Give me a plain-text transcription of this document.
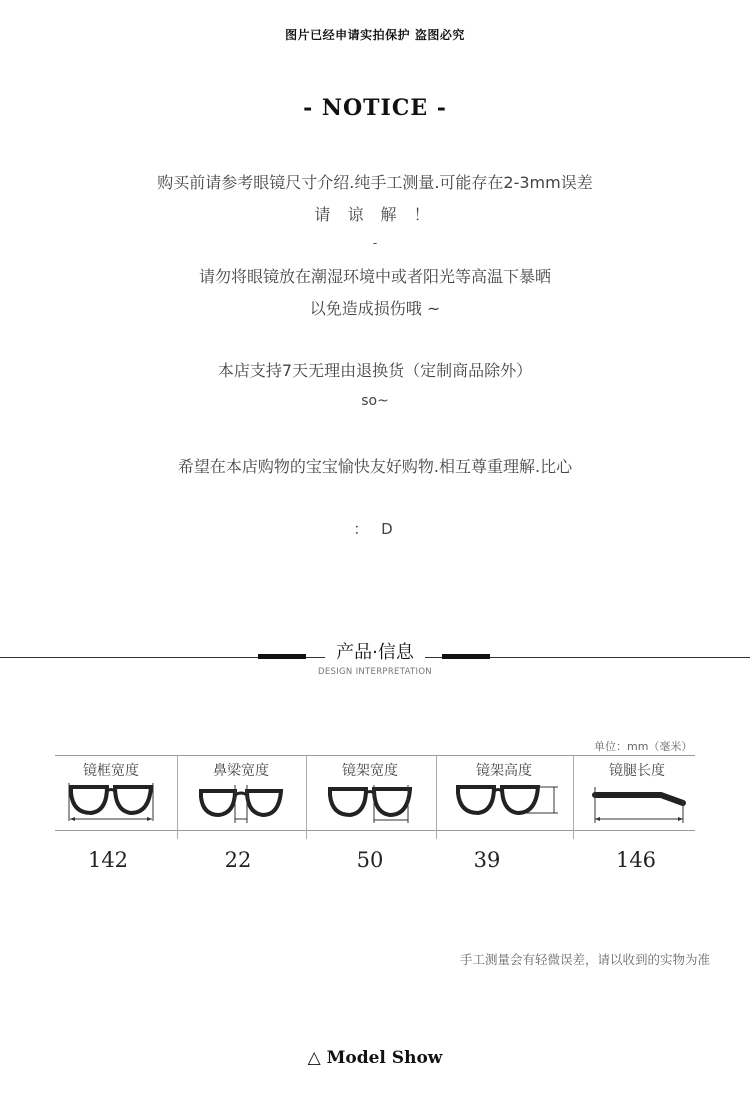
图片已经申请实拍保护 盗图必究
- NOTICE -
购买前请参考眼镜尺寸介绍.纯手工测量.可能存在2-3mm误差
请 谅 解 ！
-
请勿将眼镜放在潮湿环境中或者阳光等高温下暴晒
以免造成损伤哦 ~
本店支持7天无理由退换货（定制商品除外）
so~
希望在本店购物的宝宝愉快友好购物.相互尊重理解.比心
： D
产品·信息
DESIGN INTERPRETATION
单位：mm（毫米）
镜框宽度	鼻梁宽度	镜架宽度	镜架高度	镜腿长度
142	22	50	39	146
手工测量会有轻微误差，请以收到的实物为准
△ Model Show
